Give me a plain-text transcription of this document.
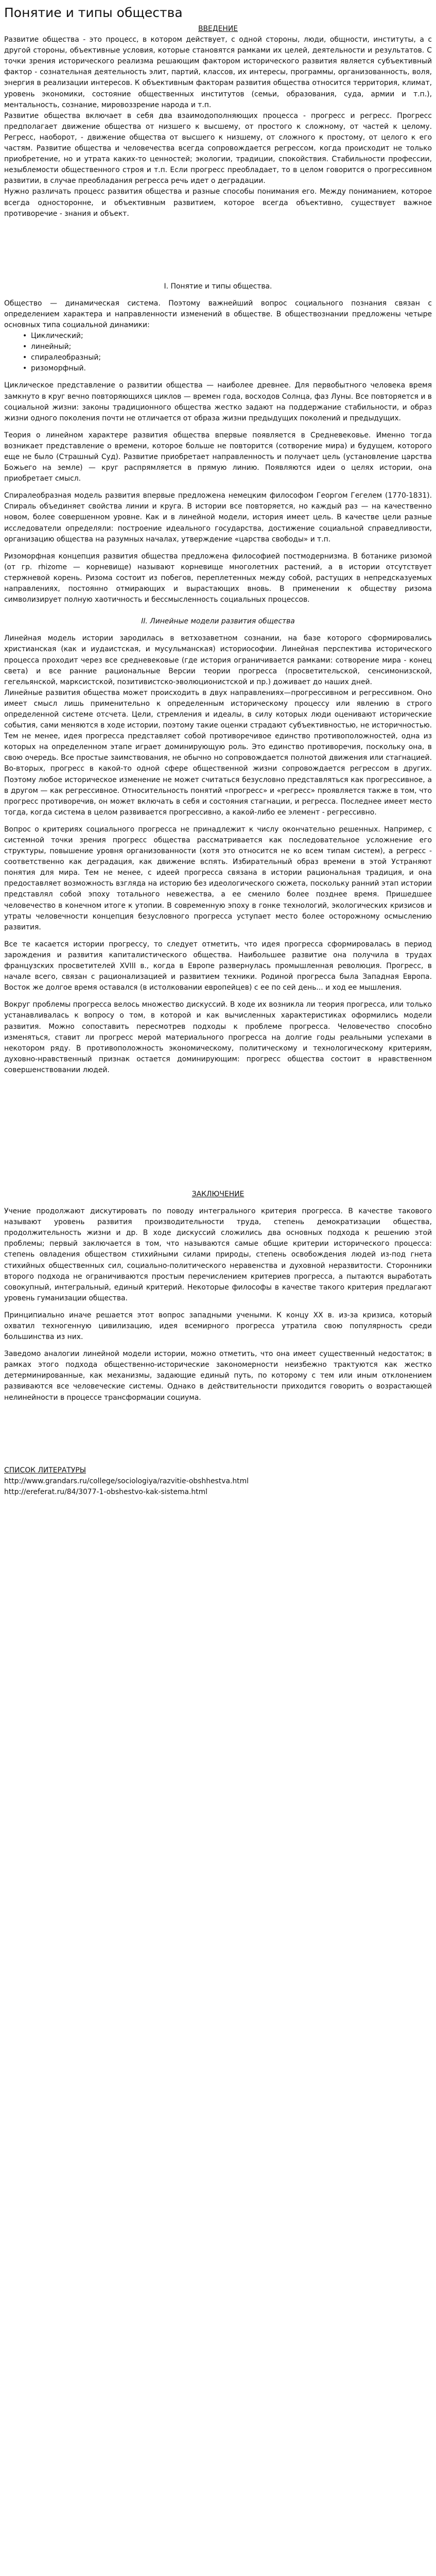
Понятие и типы общества

ВВЕДЕНИЕ

Развитие общества - это процесс, в котором действует, с одной стороны, люди, общности, институты, а с другой стороны, объективные условия, которые становятся рамками их целей, деятельности и результатов. С точки зрения исторического реализма решающим фактором исторического развития является субъективный фактор - сознательная деятельность элит, партий, классов, их интересы, программы, организованность, воля, энергия в реализации интересов. К объективным факторам развития общества относится территория, климат, уровень экономики, состояние общественных институтов (семьи, образования, суда, армии и т.п.), ментальность, сознание, мировоззрение народа и т.п.

Развитие общества включает в себя два взаимодополняющих процесса - прогресс и регресс. Прогресс предполагает движение общества от низшего к высшему, от простого к сложному, от частей к целому. Регресс, наоборот, - движение общества от высшего к низшему, от сложного к простому, от целого к его частям. Развитие общества и человечества всегда сопровождается регрессом, когда происходит не только приобретение, но и утрата каких-то ценностей; экологии, традиции, спокойствия. Стабильности профессии, незыблемости общественного строя и т.п. Если прогресс преобладает, то в целом говорится о прогрессивном развитии, в случае преобладания регресса речь идет о деградации.

Нужно различать процесс развития общества и разные способы понимания его. Между пониманием, которое всегда односторонне, и объективным развитием, которое всегда объективно, существует важное противоречие - знания и объект.

I. Понятие и типы общества.

Общество — динамическая система. Поэтому важнейший вопрос социального познания связан с определением характера и направленности изменений в обществе. В обществознании предложены четыре основных типа социальной динамики:

• Циклический;
• линейный;
• спиралеобразный;
• ризоморфный.

Циклическое представление о развитии общества — наиболее древнее. Для первобытного человека время замкнуто в круг вечно повторяющихся циклов — времен года, восходов Солнца, фаз Луны. Все повторяется и в социальной жизни: законы традиционного общества жестко задают на поддержание стабильности, и образ жизни одного поколения почти не отличается от образа жизни предыдущих поколений и предыдущих.

Теория о линейном характере развития общества впервые появляется в Средневековье. Именно тогда возникает представление о времени, которое больше не повторится (сотворение мира) и будущем, которого еще не было (Страшный Суд). Развитие приобретает направленность и получает цель (установление царства Божьего на земле) — круг распрямляется в прямую линию. Появляются идеи о целях истории, она приобретает смысл.

Спиралеобразная модель развития впервые предложена немецким философом Георгом Гегелем (1770-1831). Спираль объединяет свойства линии и круга. В истории все повторяется, но каждый раз — на качественно новом, более совершенном уровне. Как и в линейной модели, история имеет цель. В качестве цели разные исследователи определяли: построение идеального государства, достижение социальной справедливости, организацию общества на разумных началах, утверждение «царства свободы» и т.п.

Ризоморфная концепция развития общества предложена философией постмодернизма. В ботанике ризомой (от гр. rhizome — корневище) называют корневище многолетних растений, а в истории отсутствует стержневой корень. Ризома состоит из побегов, переплетенных между собой, растущих в непредсказуемых направлениях, постоянно отмирающих и вырастающих вновь. В применении к обществу ризома символизирует полную хаотичность и бессмысленность социальных процессов.

II. Линейные модели развития общества

Линейная модель истории зародилась в ветхозаветном сознании, на базе которого сформировались христианская (как и иудаистская, и мусульманская) историософии. Линейная перспектива исторического процесса проходит через все средневековые (где история ограничивается рамками: сотворение мира - конец света) и все ранние рациональные Версии теории прогресса (просветительской, сенсимонизской, гегельянской, марксистской, позитивистско-эволюционистской и пр.) доживает до наших дней.

Линейные развития общества может происходить в двух направлениях—прогрессивном и регрессивном. Оно имеет смысл лишь применительно к определенным историческому процессу или явлению в строго определенной системе отсчета. Цели, стремления и идеалы, в силу которых люди оценивают исторические события, сами меняются в ходе истории, поэтому такие оценки страдают субъективностью, не историчностью. Тем не менее, идея прогресса представляет собой противоречивое единство противоположностей, одна из которых на определенном этапе играет доминирующую роль. Это единство противоречия, поскольку она, в свою очередь. Все простые заимствования, не обычно но сопровождается полнотой движения или стагнацией. Во-вторых, прогресс в какой-то одной сфере общественной жизни сопровождается регрессом в других. Поэтому любое историческое изменение не может считаться безусловно представляться как прогрессивное, а в другом — как регрессивное. Относительность понятий «прогресс» и «регресс» проявляется также в том, что прогресс противоречив, он может включать в себя и состояния стагнации, и регресса. Последнее имеет место тогда, когда система в целом развивается прогрессивно, а какой-либо ее элемент - регрессивно.

Вопрос о критериях социального прогресса не принадлежит к числу окончательно решенных. Например, с системной точки зрения прогресс общества рассматривается как последовательное усложнение его структуры, повышение уровня организованности (хотя это относится не ко всем типам систем), а регресс - соответственно как деградация, как движение вспять. Избирательный образ времени в этой Устраняют понятия для мира. Тем не менее, с идеей прогресса связана в истории рациональная традиция, и она предоставляет возможность взгляда на историю без идеологического сюжета, поскольку ранний этап истории представлял собой эпоху тотального невежества, а ее сменило более позднее время. Пришедшее человечество в конечном итоге к утопии. В современную эпоху в гонке технологий, экологических кризисов и утраты человечности концепция безусловного прогресса уступает место более осторожному осмыслению развития.

Все те касается истории прогрессу, то следует отметить, что идея прогресса сформировалась в период зарождения и развития капиталистического общества. Наибольшее развитие она получила в трудах французских просветителей XVIII в., когда в Европе развернулась промышленная революция. Прогресс, в начале всего, связан с рационализацией и развитием техники. Родиной прогресса была Западная Европа. Восток же долгое время оставался (в истолковании европейцев) с ее по сей день... и ход ее мышления.

Вокруг проблемы прогресса велось множество дискуссий. В ходе их возникла ли теория прогресса, или только устанавливалась к вопросу о том, в которой и как вычисленных характеристиках оформились модели развития. Можно сопоставить пересмотрев подходы к проблеме прогресса. Человечество способно изменяться, ставит ли прогресс мерой материального прогресса на долгие годы реальными успехами в некотором ряду. В противоположность экономическому, политическому и технологическому критериям, духовно-нравственный признак остается доминирующим: прогресс общества состоит в нравственном совершенствовании людей.

ЗАКЛЮЧЕНИЕ

Учение продолжают дискутировать по поводу интегрального критерия прогресса. В качестве такового называют уровень развития производительности труда, степень демократизации общества, продолжительность жизни и др. В ходе дискуссий сложились два основных подхода к решению этой проблемы; первый заключается в том, что называются самые общие критерии исторического процесса: степень овладения обществом стихийными силами природы, степень освобождения людей из-под гнета стихийных общественных сил, социально-политического неравенства и духовной неразвитости. Сторонники второго подхода не ограничиваются простым перечислением критериев прогресса, а пытаются выработать совокупный, интегральный, единый критерий. Некоторые философы в качестве такого критерия предлагают уровень гуманизации общества.

Принципиально иначе решается этот вопрос западными учеными. К концу XX в. из-за кризиса, который охватил техногенную цивилизацию, идея всемирного прогресса утратила свою популярность среди большинства из них.

Заведомо аналогии линейной модели истории, можно отметить, что она имеет существенный недостаток; в рамках этого подхода общественно-исторические закономерности неизбежно трактуются как жестко детерминированные, как механизмы, задающие единый путь, по которому с тем или иным отклонением развиваются все человеческие системы. Однако в действительности приходится говорить о возрастающей нелинейности в процессе трансформации социума.

СПИСОК ЛИТЕРАТУРЫ

http://www.grandars.ru/college/sociologiya/razvitie-obshhestva.html

http://ereferat.ru/84/3077-1-obshestvo-kak-sistema.html
